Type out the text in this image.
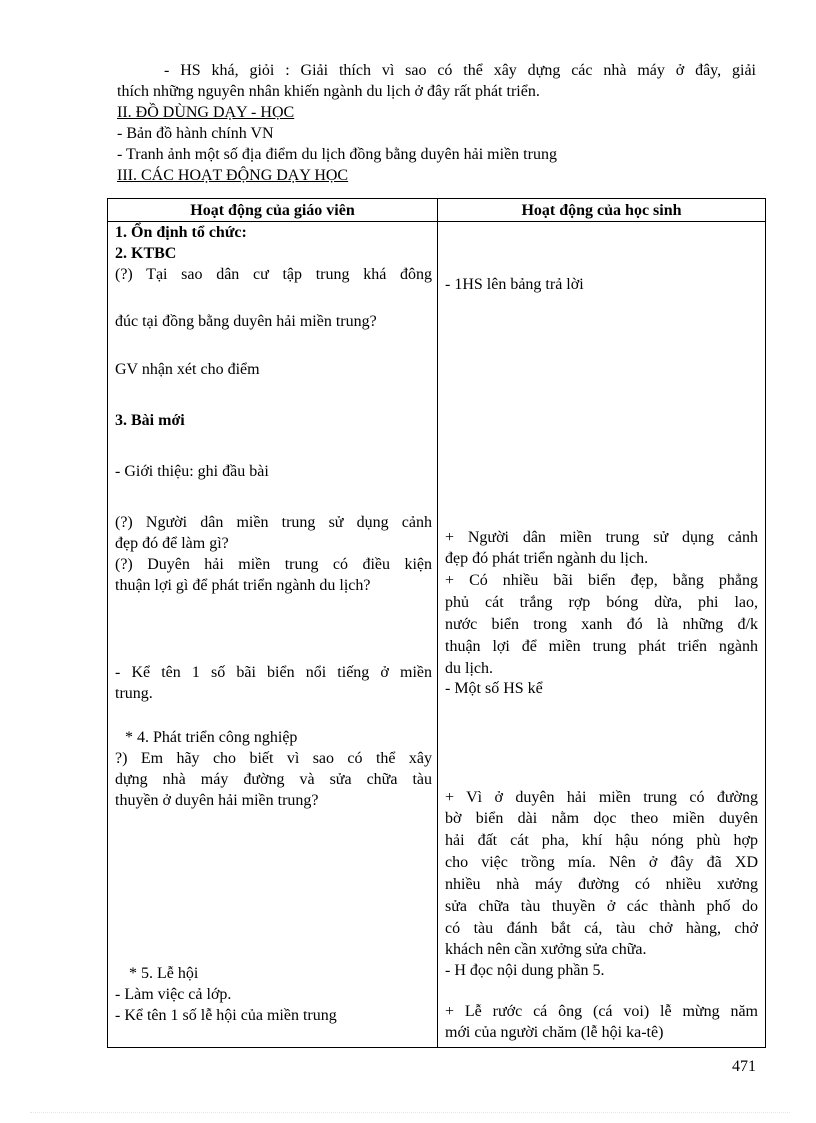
- HS khá, giỏi : Giải thích vì sao có thể xây dựng các nhà máy ở đây, giải
thích những nguyên nhân khiến ngành du lịch ở đây rất phát triển.
II. ĐỒ DÙNG DẠY - HỌC
- Bản đồ hành chính VN
- Tranh ảnh một số địa điểm du lịch đồng bằng duyên hải miền trung
III. CÁC HOẠT ĐỘNG DẠY HỌC
Hoạt động của giáo viên	Hoạt động của học sinh
1. Ổn định tổ chức:
2. KTBC
(?) Tại sao dân cư tập trung khá đông
đúc tại đồng bằng duyên hải miền trung?
GV nhận xét cho điểm
3. Bài mới
- Giới thiệu: ghi đầu bài
(?) Người dân miền trung sử dụng cảnh
đẹp đó để làm gì?
(?) Duyên hải miền trung có điều kiện
thuận lợi gì để phát triển ngành du lịch?
- Kể tên 1 số bãi biển nổi tiếng ở miền
trung.
* 4. Phát triển công nghiệp
?) Em hãy cho biết vì sao có thể xây
dựng nhà máy đường và sửa chữa tàu
thuyền ở duyên hải miền trung?
* 5. Lễ hội
- Làm việc cả lớp.
- Kể tên 1 số lễ hội của miền trung
- 1HS lên bảng trả lời
+ Người dân miền trung sử dụng cảnh
đẹp đó phát triển ngành du lịch.
+ Có nhiều bãi biển đẹp, bằng phẳng
phủ cát trắng rợp bóng dừa, phi lao,
nước biển trong xanh đó là những đ/k
thuận lợi để miền trung phát triển ngành
du lịch.
- Một số HS kể
+ Vì ở duyên hải miền trung có đường
bờ biển dài nằm dọc theo miền duyên
hải đất cát pha, khí hậu nóng phù hợp
cho việc trồng mía. Nên ở đây đã XD
nhiều nhà máy đường có nhiều xưởng
sửa chữa tàu thuyền ở các thành phố do
có tàu đánh bắt cá, tàu chở hàng, chở
khách nên cần xưởng sửa chữa.
- H đọc nội dung phần 5.
+ Lễ rước cá ông (cá voi) lễ mừng năm
mới của người chăm (lễ hội ka-tê)
471
